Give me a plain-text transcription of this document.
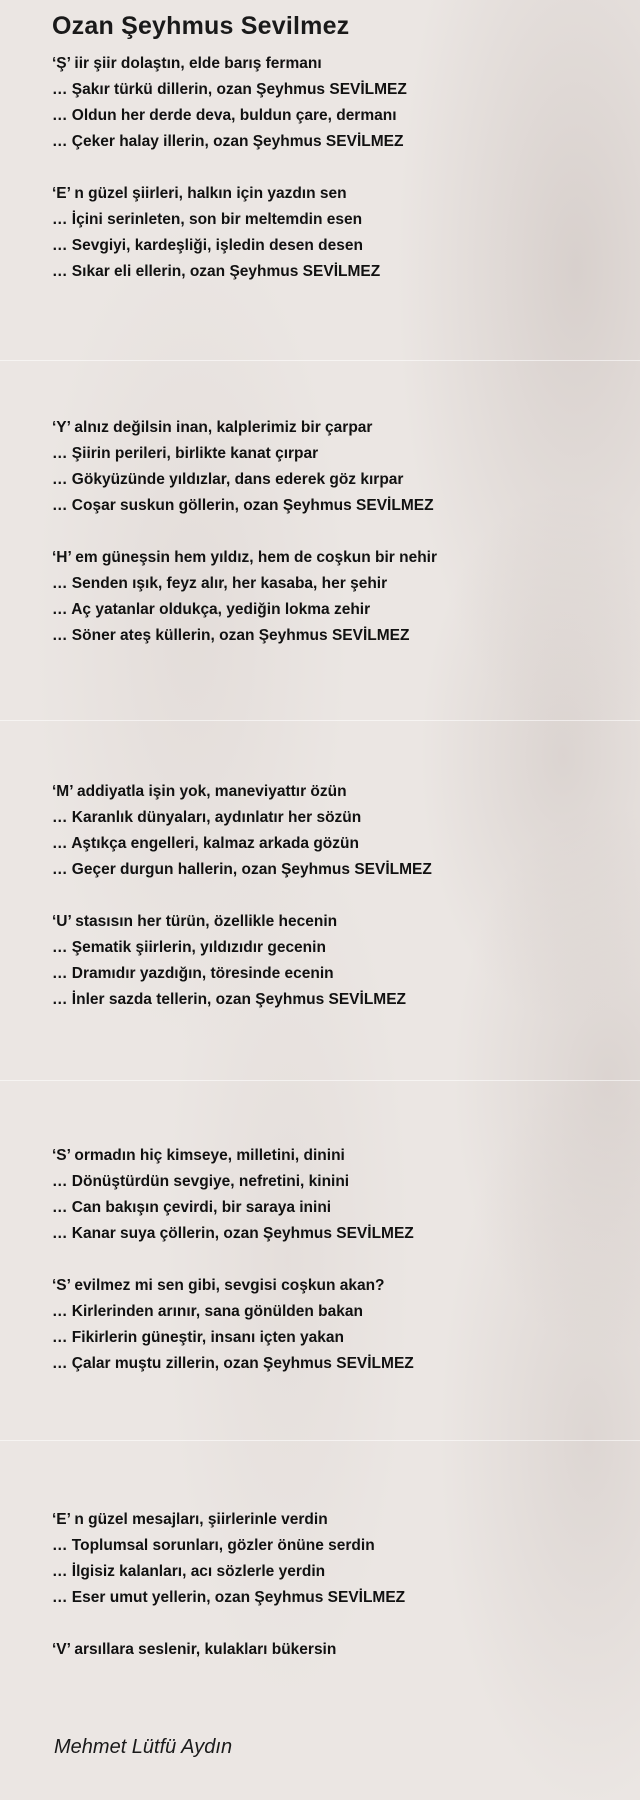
Ozan Şeyhmus Sevilmez
‘Ş’ iir şiir dolaştın, elde barış fermanı
… Şakır türkü dillerin, ozan Şeyhmus SEVİLMEZ
… Oldun her derde deva, buldun çare, dermanı
… Çeker halay illerin, ozan Şeyhmus SEVİLMEZ
‘E’ n güzel şiirleri, halkın için yazdın sen
… İçini serinleten, son bir meltemdin esen
… Sevgiyi, kardeşliği, işledin desen desen
… Sıkar eli ellerin, ozan Şeyhmus SEVİLMEZ
‘Y’ alnız değilsin inan, kalplerimiz bir çarpar
… Şiirin perileri, birlikte kanat çırpar
… Gökyüzünde yıldızlar, dans ederek göz kırpar
… Coşar suskun göllerin, ozan Şeyhmus SEVİLMEZ
‘H’ em güneşsin hem yıldız, hem de coşkun bir nehir
… Senden ışık, feyz alır, her kasaba, her şehir
… Aç yatanlar oldukça, yediğin lokma zehir
… Söner ateş küllerin, ozan Şeyhmus SEVİLMEZ
‘M’ addiyatla işin yok, maneviyattır özün
… Karanlık dünyaları, aydınlatır her sözün
… Aştıkça engelleri, kalmaz arkada gözün
… Geçer durgun hallerin, ozan Şeyhmus SEVİLMEZ
‘U’ stasısın her türün, özellikle hecenin
… Şematik şiirlerin, yıldızıdır gecenin
… Dramıdır yazdığın, töresinde ecenin
… İnler sazda tellerin, ozan Şeyhmus SEVİLMEZ
‘S’ ormadın hiç kimseye, milletini, dinini
… Dönüştürdün sevgiye, nefretini, kinini
… Can bakışın çevirdi, bir saraya inini
… Kanar suya çöllerin, ozan Şeyhmus SEVİLMEZ
‘S’ evilmez mi sen gibi, sevgisi coşkun akan?
… Kirlerinden arınır, sana gönülden bakan
… Fikirlerin güneştir, insanı içten yakan
… Çalar muştu zillerin, ozan Şeyhmus SEVİLMEZ
‘E’ n güzel mesajları, şiirlerinle verdin
… Toplumsal sorunları, gözler önüne serdin
… İlgisiz kalanları, acı sözlerle yerdin
… Eser umut yellerin, ozan Şeyhmus SEVİLMEZ
‘V’ arsıllara seslenir, kulakları bükersin
Mehmet Lütfü Aydın
